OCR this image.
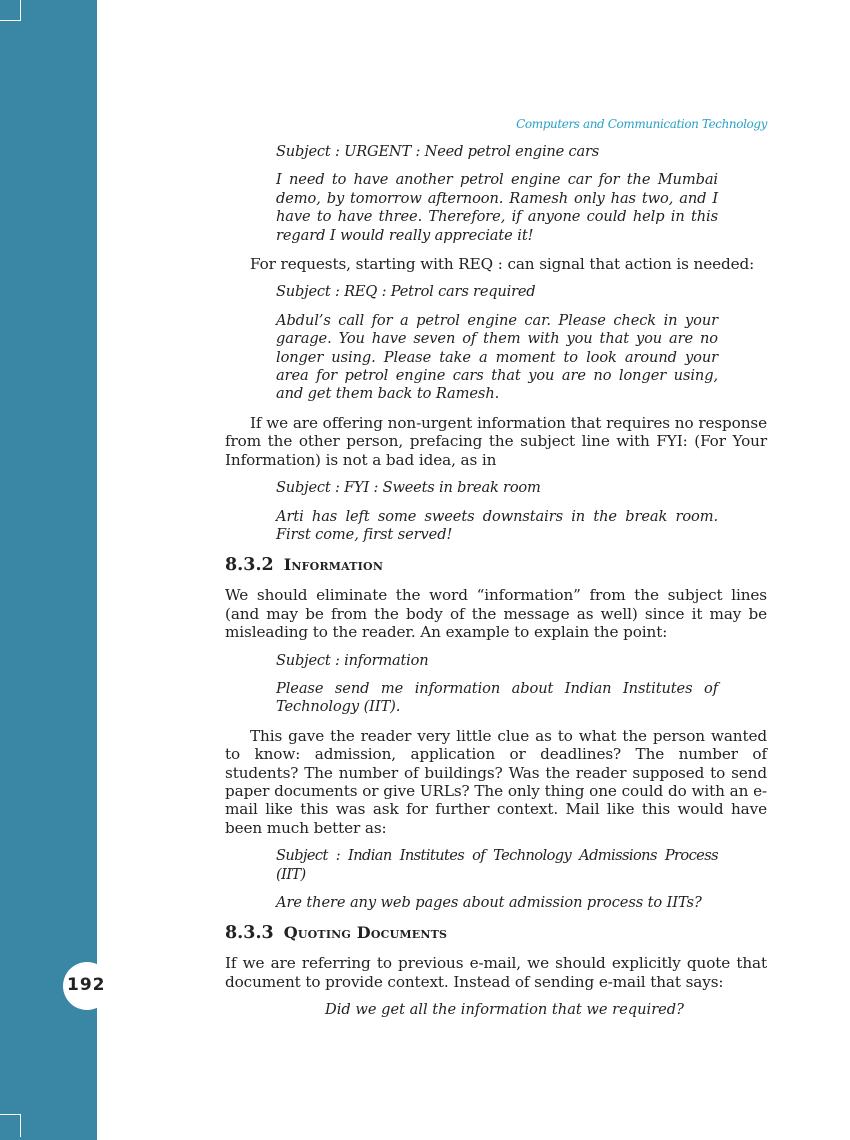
192
Computers and Communication Technology

Subject : URGENT : Need petrol engine cars

I need to have another petrol engine car for the Mumbai demo, by tomorrow afternoon. Ramesh only has two, and I have to have three. Therefore, if anyone could help in this regard I would really appreciate it!

For requests, starting with REQ : can signal that action is needed:

Subject : REQ : Petrol cars required

Abdul’s call for a petrol engine car. Please check in your garage. You have seven of them with you that you are no longer using. Please take a moment to look around your area for petrol engine cars that you are no longer using, and get them back to Ramesh.

If we are offering non-urgent information that requires no response from the other person, prefacing the subject line with FYI: (For Your Information) is not a bad idea, as in

Subject : FYI : Sweets in break room

Arti has left some sweets downstairs in the break room. First come, first served!

8.3.2 Information

We should eliminate the word “information” from the subject lines (and may be from the body of the message as well) since it may be misleading to the reader. An example to explain the point:

Subject : information

Please send me information about Indian Institutes of Technology (IIT).

This gave the reader very little clue as to what the person wanted to know: admission, application or deadlines? The number of students? The number of buildings? Was the reader supposed to send paper documents or give URLs? The only thing one could do with an e-mail like this was ask for further context. Mail like this would have been much better as:

Subject : Indian Institutes of Technology Admissions Process (IIT)

Are there any web pages about admission process to IITs?

8.3.3 Quoting Documents

If we are referring to previous e-mail, we should explicitly quote that document to provide context. Instead of sending e-mail that says:

Did we get all the information that we required?
